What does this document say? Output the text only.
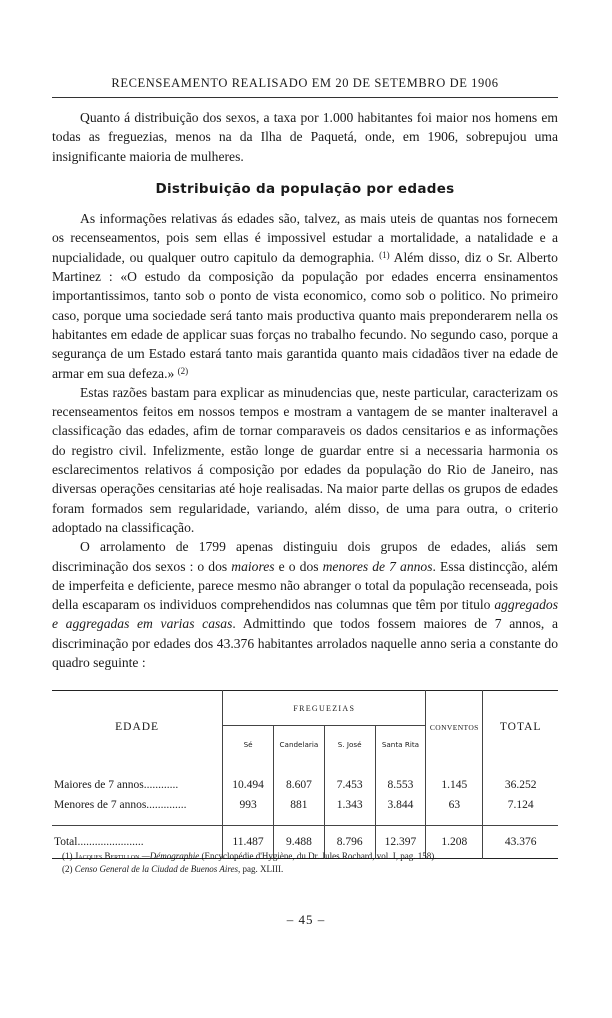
RECENSEAMENTO REALISADO EM 20 DE SETEMBRO DE 1906

Quanto á distribuição dos sexos, a taxa por 1.000 habitantes foi maior nos homens em todas as freguezias, menos na da Ilha de Paquetá, onde, em 1906, sobrepujou uma insignificante maioria de mulheres.

Distribuição da população por edades

As informações relativas ás edades são, talvez, as mais uteis de quantas nos fornecem os recenseamentos, pois sem ellas é impossivel estudar a mortalidade, a natalidade e a nupcialidade, ou qualquer outro capitulo da demographia. $^{(1)}$ Além disso, diz o Sr. Alberto Martinez : «O estudo da composição da população por edades encerra ensinamentos importantissimos, tanto sob o ponto de vista economico, como sob o politico. No primeiro caso, porque uma sociedade será tanto mais productiva quanto mais preponderarem nella os habitantes em edade de applicar suas forças no trabalho fecundo. No segundo caso, porque a segurança de um Estado estará tanto mais garantida quanto mais cidadãos tiver na edade de armar em sua defeza.» $^{(2)}$

Estas razões bastam para explicar as minudencias que, neste particular, caracterizam os recenseamentos feitos em nossos tempos e mostram a vantagem de se manter inalteravel a classificação das edades, afim de tornar comparaveis os dados censitarios e as informações do registro civil. Infelizmente, estão longe de guardar entre si a necessaria harmonia os esclarecimentos relativos á composição por edades da população do Rio de Janeiro, nas diversas operações censitarias até hoje realisadas. Na maior parte dellas os grupos de edades foram formados sem regularidade, variando, além disso, de uma para outra, o criterio adoptado na classificação.

O arrolamento de 1799 apenas distinguiu dois grupos de edades, aliás sem discriminação dos sexos : o dos maiores e o dos menores de 7 annos. Essa distincção, além de imperfeita e deficiente, parece mesmo não abranger o total da população recenseada, pois della escaparam os individuos comprehendidos nas columnas que têm por titulo aggregados e aggregadas em varias casas. Admittindo que todos fossem maiores de 7 annos, a discriminação por edades dos 43.376 habitantes arrolados naquelle anno seria a constante do quadro seguinte :

EDADE	FREGUEZIAS				CONVENTOS	TOTAL
	Sé	Candelaria	S. José	Santa Rita		
Maiores de 7 annos............	10.494	8.607	7.453	8.553	1.145	36.252
Menores de 7 annos..............	993	881	1.343	3.844	63	7.124
Total.......................	11.487	9.488	8.796	12.397	1.208	43.376
(1) Jacques Bertillon.—Démographie (Encyclopédie d'Hygiène, du Dr. Jules Rochard, vol. I, pag. 158).
(2) Censo General de la Ciudad de Buenos Aires, pag. XLIII.
– 45 –
